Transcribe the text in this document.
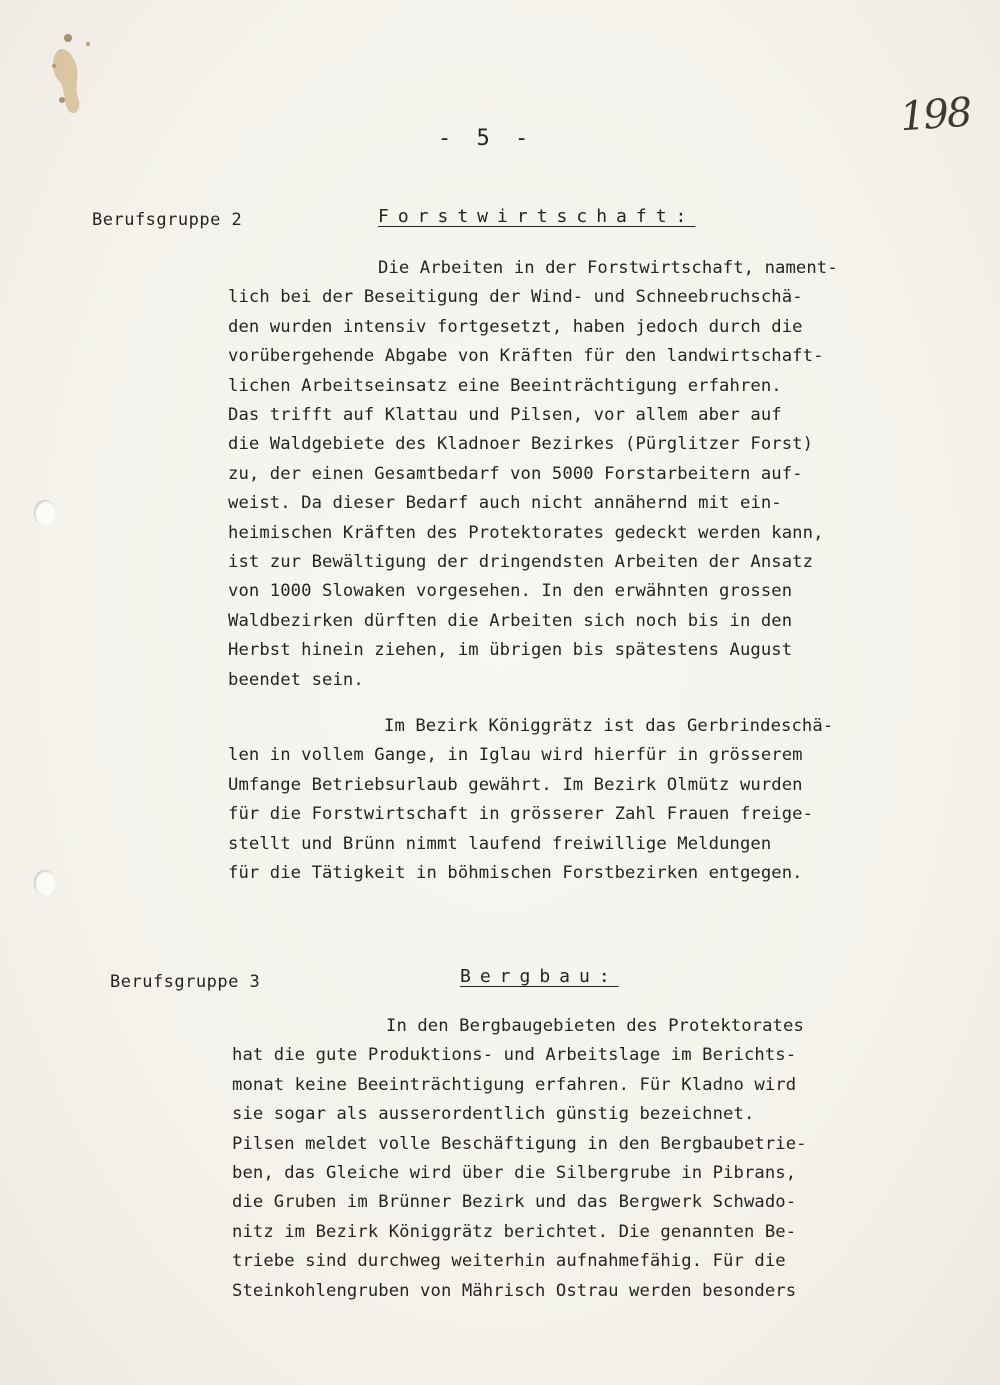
198
- 5 -
Berufsgruppe 2	Forstwirtschaft:
Die Arbeiten in der Forstwirtschaft, nament-
lich bei der Beseitigung der Wind- und Schneebruchschä-
den wurden intensiv fortgesetzt, haben jedoch durch die
vorübergehende Abgabe von Kräften für den landwirtschaft-
lichen Arbeitseinsatz eine Beeinträchtigung erfahren.
Das trifft auf Klattau und Pilsen, vor allem aber auf
die Waldgebiete des Kladnoer Bezirkes (Pürglitzer Forst)
zu, der einen Gesamtbedarf von 5000 Forstarbeitern auf-
weist. Da dieser Bedarf auch nicht annähernd mit ein-
heimischen Kräften des Protektorates gedeckt werden kann,
ist zur Bewältigung der dringendsten Arbeiten der Ansatz
von 1000 Slowaken vorgesehen. In den erwähnten grossen
Waldbezirken dürften die Arbeiten sich noch bis in den
Herbst hinein ziehen, im übrigen bis spätestens August
beendet sein.
Im Bezirk Königgrätz ist das Gerbrindeschä-
len in vollem Gange, in Iglau wird hierfür in grösserem
Umfange Betriebsurlaub gewährt. Im Bezirk Olmütz wurden
für die Forstwirtschaft in grösserer Zahl Frauen freige-
stellt und Brünn nimmt laufend freiwillige Meldungen
für die Tätigkeit in böhmischen Forstbezirken entgegen.
Berufsgruppe 3	Bergbau:
In den Bergbaugebieten des Protektorates
hat die gute Produktions- und Arbeitslage im Berichts-
monat keine Beeinträchtigung erfahren. Für Kladno wird
sie sogar als ausserordentlich günstig bezeichnet.
Pilsen meldet volle Beschäftigung in den Bergbaubetrie-
ben, das Gleiche wird über die Silbergrube in Pibrans,
die Gruben im Brünner Bezirk und das Bergwerk Schwado-
nitz im Bezirk Königgrätz berichtet. Die genannten Be-
triebe sind durchweg weiterhin aufnahmefähig. Für die
Steinkohlengruben von Mährisch Ostrau werden besonders
